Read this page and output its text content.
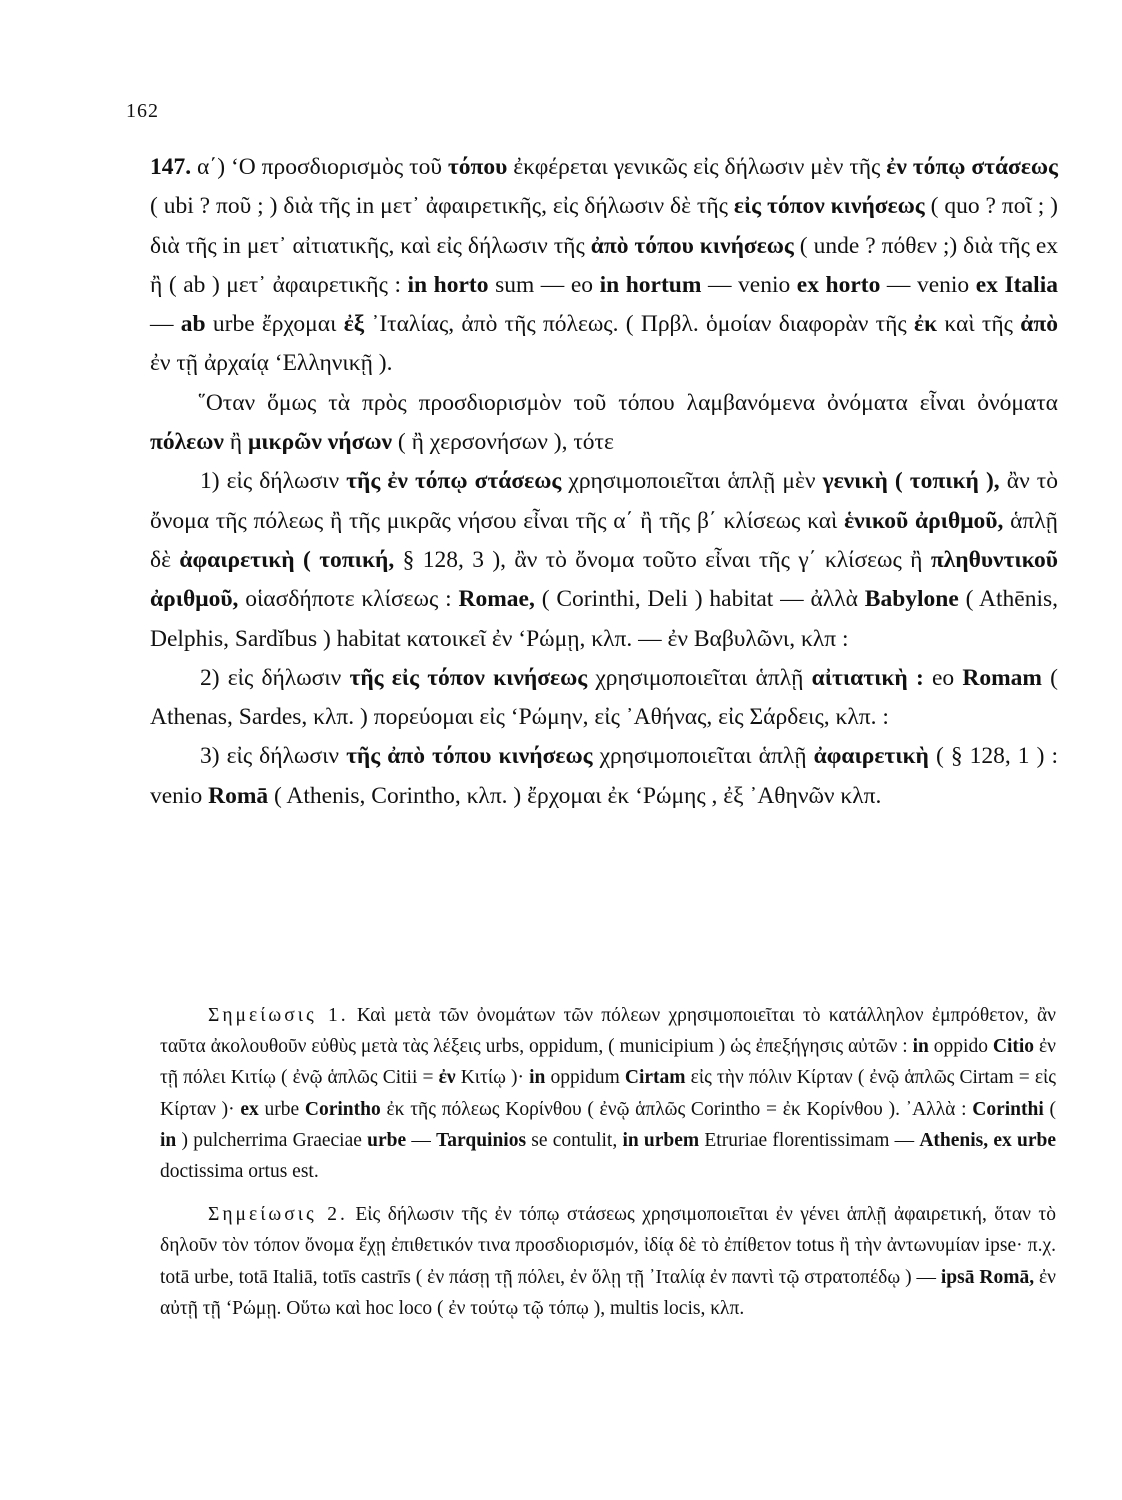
162

147. α΄) ‘Ο προσδιορισμὸς τοῦ τόπου ἐκφέρεται γενικῶς εἰς δήλωσιν μὲν τῆς ἐν τόπῳ στάσεως ( ubi ? ποῦ ; ) διὰ τῆς in μετ᾽ ἀφαιρετικῆς, εἰς δήλωσιν δὲ τῆς εἰς τόπον κινήσεως ( quo ? ποῖ ; ) διὰ τῆς in μετ᾽ αἰτιατικῆς, καὶ εἰς δήλωσιν τῆς ἀπὸ τόπου κινήσεως ( unde ? πόθεν ;) διὰ τῆς ex ἢ ( ab ) μετ᾽ ἀφαιρετικῆς : in horto sum — eo in hortum — venio ex horto — venio ex Italia — ab urbe ἔρχομαι ἐξ ᾽Ιταλίας, ἀπὸ τῆς πόλεως. ( Πρβλ. ὁμοίαν διαφορὰν τῆς ἐκ καὶ τῆς ἀπὸ ἐν τῇ ἀρχαίᾳ ‘Ελληνικῇ ).

῞Οταν ὅμως τὰ πρὸς προσδιορισμὸν τοῦ τόπου λαμβανόμενα ὀνόματα εἶναι ὀνόματα πόλεων ἢ μικρῶν νήσων ( ἢ χερσονήσων ), τότε

1) εἰς δήλωσιν τῆς ἐν τόπῳ στάσεως χρησιμοποιεῖται ἁπλῇ μὲν γενικὴ ( τοπική ), ἂν τὸ ὄνομα τῆς πόλεως ἢ τῆς μικρᾶς νήσου εἶναι τῆς α΄ ἢ τῆς β΄ κλίσεως καὶ ἑνικοῦ ἀριθμοῦ, ἁπλῇ δὲ ἀφαιρετικὴ ( τοπική, § 128, 3 ), ἂν τὸ ὄνομα τοῦτο εἶναι τῆς γ΄ κλίσεως ἢ πληθυντικοῦ ἀριθμοῦ, οἱασδήποτε κλίσεως : Romae, ( Corinthi, Deli ) habitat — ἀλλὰ Babylone ( Athēnis, Delphis, Sardĭbus ) habitat κατοικεῖ ἐν ‘Ρώμῃ, κλπ. — ἐν Βαβυλῶνι, κλπ :

2) εἰς δήλωσιν τῆς εἰς τόπον κινήσεως χρησιμοποιεῖται ἁπλῇ αἰτιατικὴ : eo Romam ( Athenas, Sardes, κλπ. ) πορεύομαι εἰς ‘Ρώμην, εἰς ᾽Αθήνας, εἰς Σάρδεις, κλπ. :

3) εἰς δήλωσιν τῆς ἀπὸ τόπου κινήσεως χρησιμοποιεῖται ἁπλῇ ἀφαιρετικὴ ( § 128, 1 ) : venio Romā ( Athenis, Corintho, κλπ. ) ἔρχομαι ἐκ ‘Ρώμης , ἐξ ᾽Αθηνῶν κλπ.

Σημείωσις 1. Καὶ μετὰ τῶν ὀνομάτων τῶν πόλεων χρησιμοποιεῖται τὸ κατάλληλον ἐμπρόθετον, ἂν ταῦτα ἀκολουθοῦν εὐθὺς μετὰ τὰς λέξεις urbs, oppidum, ( municipium ) ὡς ἐπεξήγησις αὐτῶν : in oppido Citio ἐν τῇ πόλει Κιτίῳ ( ἐνῷ ἁπλῶς Citii = ἐν Κιτίῳ )· in oppidum Cirtam εἰς τὴν πόλιν Κίρταν ( ἐνῷ ἁπλῶς Cirtam = εἰς Κίρταν )· ex urbe Corintho ἐκ τῆς πόλεως Κορίνθου ( ἐνῷ ἁπλῶς Corintho = ἐκ Κορίνθου ). ᾽Αλλὰ : Corinthi ( in ) pulcherrima Graeciae urbe — Tarquinios se contulit, in urbem Etruriae florentissimam — Athenis, ex urbe doctissima ortus est.

Σημείωσις 2. Εἰς δήλωσιν τῆς ἐν τόπῳ στάσεως χρησιμοποιεῖται ἐν γένει ἁπλῇ ἀφαιρετική, ὅταν τὸ δηλοῦν τὸν τόπον ὄνομα ἔχῃ ἐπιθετικόν τινα προσδιορισμόν, ἰδίᾳ δὲ τὸ ἐπίθετον totus ἢ τὴν ἀντωνυμίαν ipse· π.χ. totā urbe, totā Italiā, totīs castrīs ( ἐν πάσῃ τῇ πόλει, ἐν ὅλῃ τῇ ᾽Ιταλίᾳ ἐν παντὶ τῷ στρατοπέδῳ ) — ipsā Romā, ἐν αὐτῇ τῇ ‘Ρώμῃ. Οὕτω καὶ hoc loco ( ἐν τούτῳ τῷ τόπῳ ), multis locis, κλπ.
